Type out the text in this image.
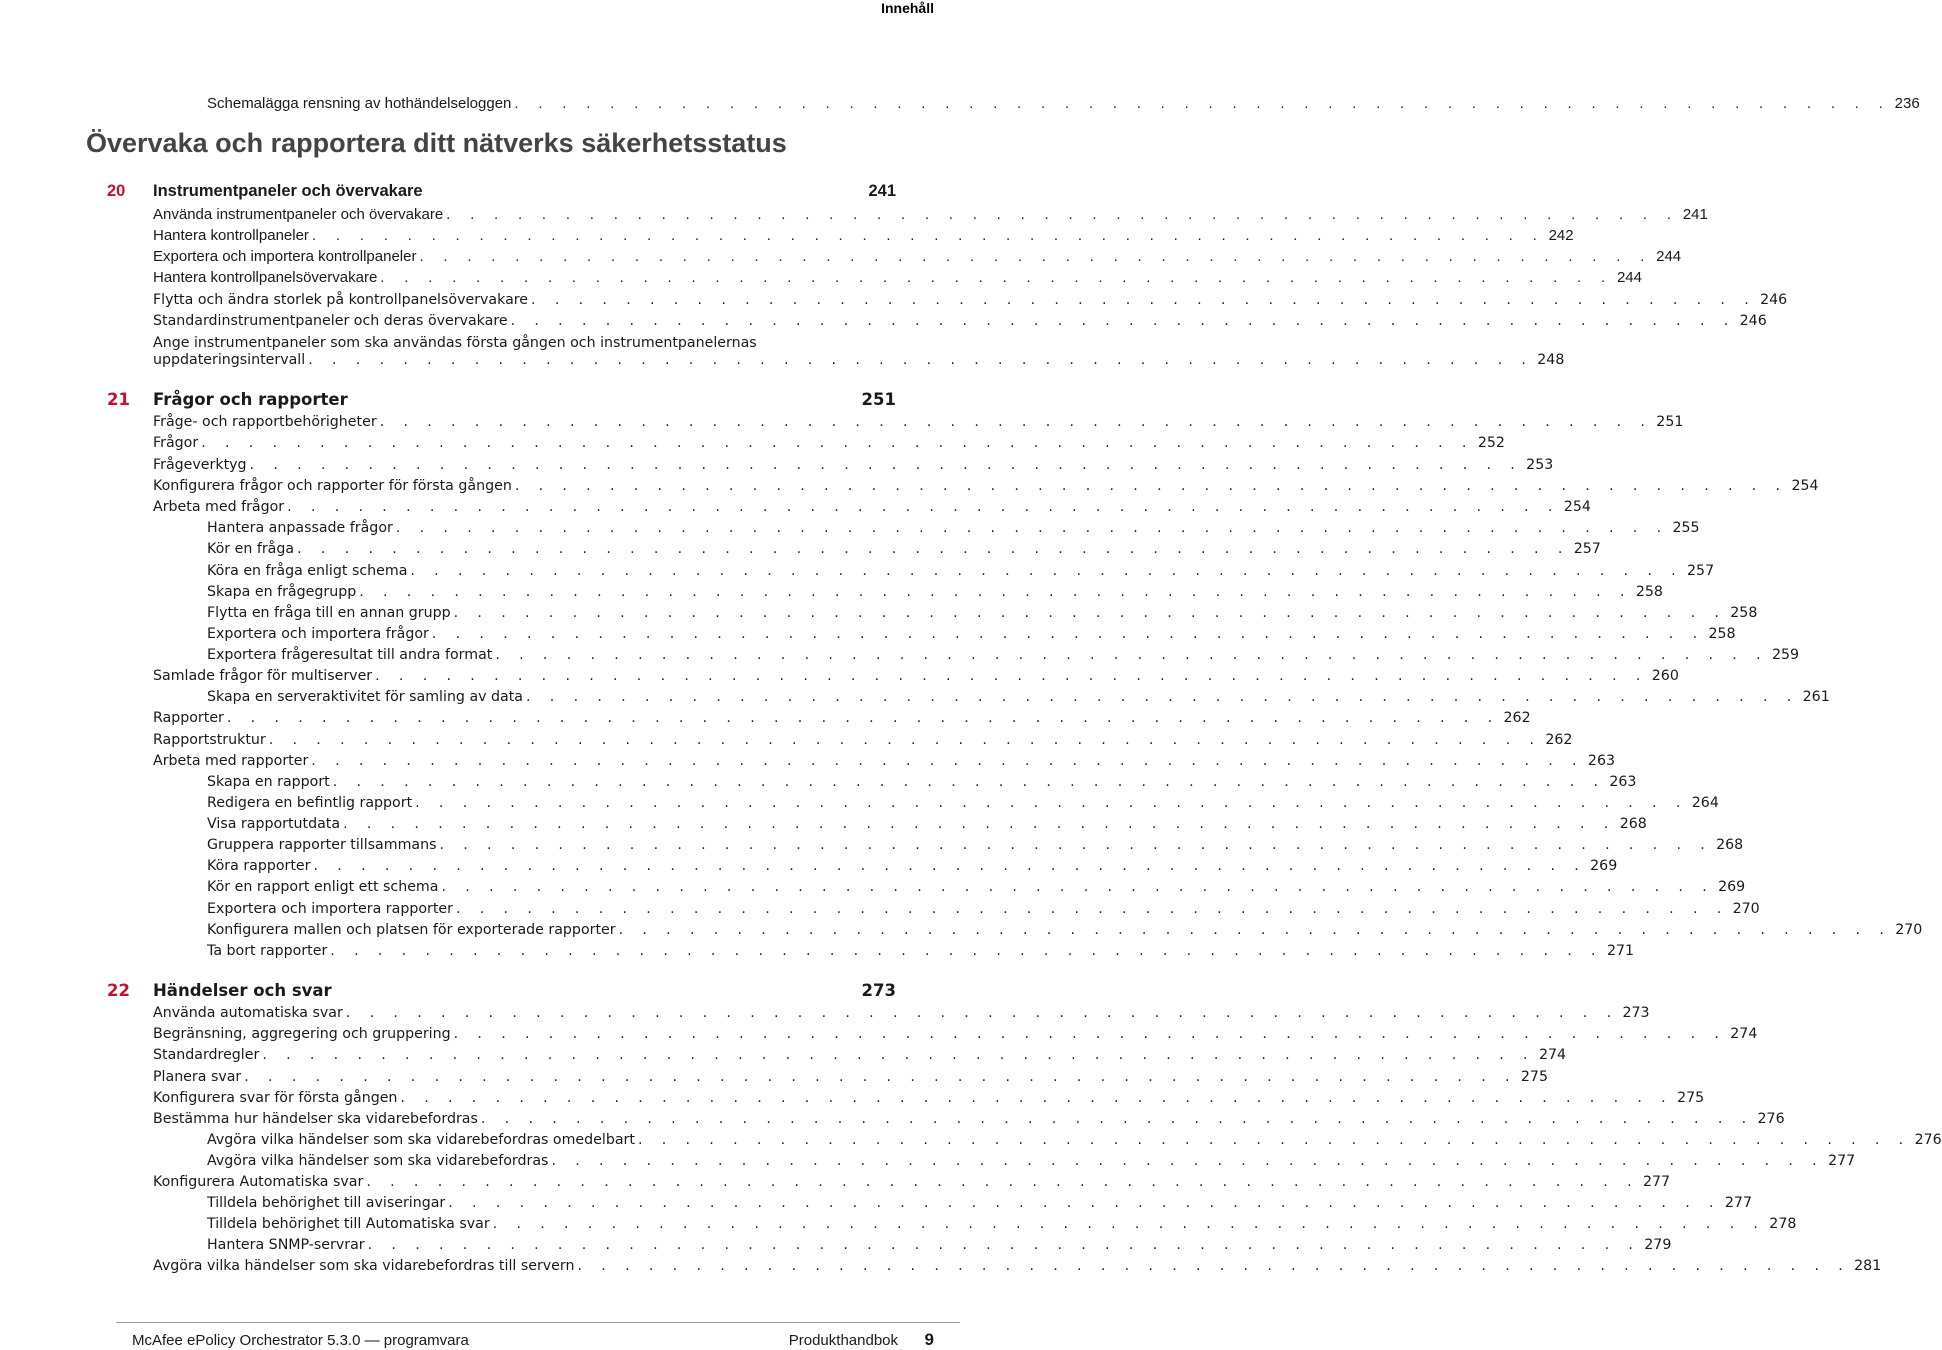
Innehåll
Schemalägga rensning av hothändelseloggen . . . . . . . . . . . . . . . . . . . . . . . . . . . . . . . . . . . . . . . . . . . . . . . . . . . . . . . . . . 236
Övervaka och rapportera ditt nätverks säkerhetsstatus
20	Instrumentpaneler och övervakare	241
Använda instrumentpaneler och övervakare . . . . . . . . . . . . . . . . . . . . . . . . . . . . . . . . . . . . . . . . . . . . . . . . . . . . 241
Hantera kontrollpaneler . . . . . . . . . . . . . . . . . . . . . . . . . . . . . . . . . . . . . . . . . . . . . . . . . . . . 242
Exportera och importera kontrollpaneler . . . . . . . . . . . . . . . . . . . . . . . . . . . . . . . . . . . . . . . . . . . . . . . . . . . . 244
Hantera kontrollpanelsövervakare . . . . . . . . . . . . . . . . . . . . . . . . . . . . . . . . . . . . . . . . . . . . . . . . . . . . 244
Flytta och ändra storlek på kontrollpanelsövervakare . . . . . . . . . . . . . . . . . . . . . . . . . . . . . . . . . . . . . . . . . . . . . . . . . . . . 246
Standardinstrumentpaneler och deras övervakare . . . . . . . . . . . . . . . . . . . . . . . . . . . . . . . . . . . . . . . . . . . . . . . . . . . . 246
Ange instrumentpaneler som ska användas första gången och instrumentpanelernas
uppdateringsintervall . . . . . . . . . . . . . . . . . . . . . . . . . . . . . . . . . . . . . . . . . . . . . . . . . . . . 248
21	Frågor och rapporter	251
Fråge- och rapportbehörigheter . . . . . . . . . . . . . . . . . . . . . . . . . . . . . . . . . . . . . . . . . . . . . . . . . . . . . . 251
Frågor . . . . . . . . . . . . . . . . . . . . . . . . . . . . . . . . . . . . . . . . . . . . . . . . . . . . . . 252
Frågeverktyg . . . . . . . . . . . . . . . . . . . . . . . . . . . . . . . . . . . . . . . . . . . . . . . . . . . . . . 253
Konfigurera frågor och rapporter för första gången . . . . . . . . . . . . . . . . . . . . . . . . . . . . . . . . . . . . . . . . . . . . . . . . . . . . . . 254
Arbeta med frågor . . . . . . . . . . . . . . . . . . . . . . . . . . . . . . . . . . . . . . . . . . . . . . . . . . . . . . 254
Hantera anpassade frågor . . . . . . . . . . . . . . . . . . . . . . . . . . . . . . . . . . . . . . . . . . . . . . . . . . . . . . 255
Kör en fråga . . . . . . . . . . . . . . . . . . . . . . . . . . . . . . . . . . . . . . . . . . . . . . . . . . . . . . 257
Köra en fråga enligt schema . . . . . . . . . . . . . . . . . . . . . . . . . . . . . . . . . . . . . . . . . . . . . . . . . . . . . . 257
Skapa en frågegrupp . . . . . . . . . . . . . . . . . . . . . . . . . . . . . . . . . . . . . . . . . . . . . . . . . . . . . . 258
Flytta en fråga till en annan grupp . . . . . . . . . . . . . . . . . . . . . . . . . . . . . . . . . . . . . . . . . . . . . . . . . . . . . . 258
Exportera och importera frågor . . . . . . . . . . . . . . . . . . . . . . . . . . . . . . . . . . . . . . . . . . . . . . . . . . . . . . 258
Exportera frågeresultat till andra format . . . . . . . . . . . . . . . . . . . . . . . . . . . . . . . . . . . . . . . . . . . . . . . . . . . . . . 259
Samlade frågor för multiserver . . . . . . . . . . . . . . . . . . . . . . . . . . . . . . . . . . . . . . . . . . . . . . . . . . . . . . 260
Skapa en serveraktivitet för samling av data . . . . . . . . . . . . . . . . . . . . . . . . . . . . . . . . . . . . . . . . . . . . . . . . . . . . . . 261
Rapporter . . . . . . . . . . . . . . . . . . . . . . . . . . . . . . . . . . . . . . . . . . . . . . . . . . . . . . 262
Rapportstruktur . . . . . . . . . . . . . . . . . . . . . . . . . . . . . . . . . . . . . . . . . . . . . . . . . . . . . . 262
Arbeta med rapporter . . . . . . . . . . . . . . . . . . . . . . . . . . . . . . . . . . . . . . . . . . . . . . . . . . . . . . 263
Skapa en rapport . . . . . . . . . . . . . . . . . . . . . . . . . . . . . . . . . . . . . . . . . . . . . . . . . . . . . . 263
Redigera en befintlig rapport . . . . . . . . . . . . . . . . . . . . . . . . . . . . . . . . . . . . . . . . . . . . . . . . . . . . . . 264
Visa rapportutdata . . . . . . . . . . . . . . . . . . . . . . . . . . . . . . . . . . . . . . . . . . . . . . . . . . . . . . 268
Gruppera rapporter tillsammans . . . . . . . . . . . . . . . . . . . . . . . . . . . . . . . . . . . . . . . . . . . . . . . . . . . . . . 268
Köra rapporter . . . . . . . . . . . . . . . . . . . . . . . . . . . . . . . . . . . . . . . . . . . . . . . . . . . . . . 269
Kör en rapport enligt ett schema . . . . . . . . . . . . . . . . . . . . . . . . . . . . . . . . . . . . . . . . . . . . . . . . . . . . . . 269
Exportera och importera rapporter . . . . . . . . . . . . . . . . . . . . . . . . . . . . . . . . . . . . . . . . . . . . . . . . . . . . . . 270
Konfigurera mallen och platsen för exporterade rapporter . . . . . . . . . . . . . . . . . . . . . . . . . . . . . . . . . . . . . . . . . . . . . . . . . . . . . . 270
Ta bort rapporter . . . . . . . . . . . . . . . . . . . . . . . . . . . . . . . . . . . . . . . . . . . . . . . . . . . . . . 271
22	Händelser och svar	273
Använda automatiska svar . . . . . . . . . . . . . . . . . . . . . . . . . . . . . . . . . . . . . . . . . . . . . . . . . . . . . . 273
Begränsning, aggregering och gruppering . . . . . . . . . . . . . . . . . . . . . . . . . . . . . . . . . . . . . . . . . . . . . . . . . . . . . . 274
Standardregler . . . . . . . . . . . . . . . . . . . . . . . . . . . . . . . . . . . . . . . . . . . . . . . . . . . . . . 274
Planera svar . . . . . . . . . . . . . . . . . . . . . . . . . . . . . . . . . . . . . . . . . . . . . . . . . . . . . . 275
Konfigurera svar för första gången . . . . . . . . . . . . . . . . . . . . . . . . . . . . . . . . . . . . . . . . . . . . . . . . . . . . . . 275
Bestämma hur händelser ska vidarebefordras . . . . . . . . . . . . . . . . . . . . . . . . . . . . . . . . . . . . . . . . . . . . . . . . . . . . . . 276
Avgöra vilka händelser som ska vidarebefordras omedelbart . . . . . . . . . . . . . . . . . . . . . . . . . . . . . . . . . . . . . . . . . . . . . . . . . . . . . . 276
Avgöra vilka händelser som ska vidarebefordras . . . . . . . . . . . . . . . . . . . . . . . . . . . . . . . . . . . . . . . . . . . . . . . . . . . . . . 277
Konfigurera Automatiska svar . . . . . . . . . . . . . . . . . . . . . . . . . . . . . . . . . . . . . . . . . . . . . . . . . . . . . . 277
Tilldela behörighet till aviseringar . . . . . . . . . . . . . . . . . . . . . . . . . . . . . . . . . . . . . . . . . . . . . . . . . . . . . . 277
Tilldela behörighet till Automatiska svar . . . . . . . . . . . . . . . . . . . . . . . . . . . . . . . . . . . . . . . . . . . . . . . . . . . . . . 278
Hantera SNMP-servrar . . . . . . . . . . . . . . . . . . . . . . . . . . . . . . . . . . . . . . . . . . . . . . . . . . . . . . 279
Avgöra vilka händelser som ska vidarebefordras till servern . . . . . . . . . . . . . . . . . . . . . . . . . . . . . . . . . . . . . . . . . . . . . . . . . . . . . . 281
McAfee ePolicy Orchestrator 5.3.0 — programvara	Produkthandbok 9
